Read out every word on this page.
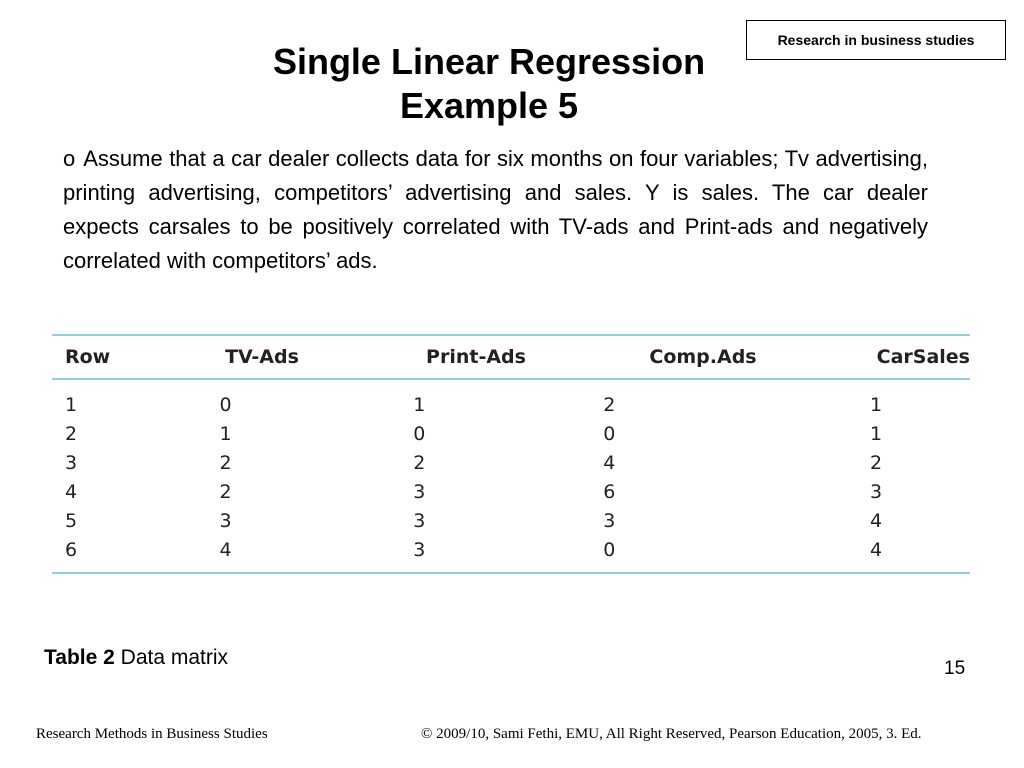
Research in business studies
Single Linear Regression
Example 5
o Assume that a car dealer collects data for six months on four variables; Tv advertising, printing advertising, competitors’ advertising and sales. Y is sales. The car dealer expects carsales to be positively correlated with TV-ads and Print-ads and negatively correlated with competitors’ ads.
Row	TV-Ads	Print-Ads	Comp.Ads	CarSales
1	0	1	2	1
2	1	0	0	1
3	2	2	4	2
4	2	3	6	3
5	3	3	3	4
6	4	3	0	4
Table 2 Data matrix	15
Research Methods in Business Studies	© 2009/10, Sami Fethi, EMU, All Right Reserved, Pearson Education, 2005, 3. Ed.
